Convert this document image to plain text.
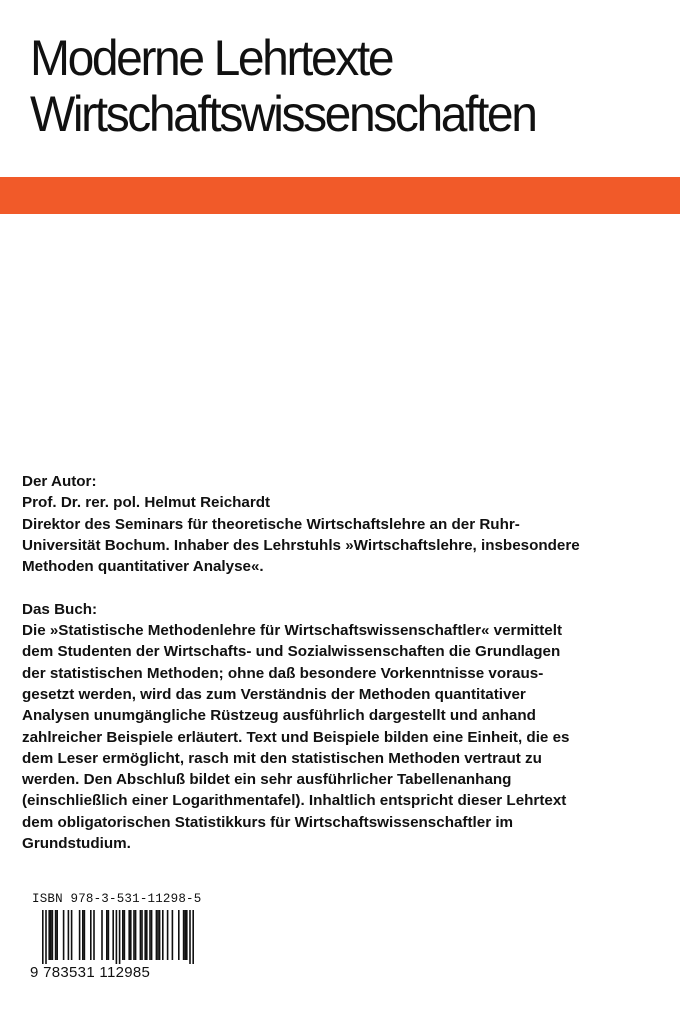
Moderne Lehrtexte
Wirtschaftswissenschaften
Der Autor:
Prof. Dr. rer. pol. Helmut Reichardt
Direktor des Seminars für theoretische Wirtschaftslehre an der Ruhr-
Universität Bochum. Inhaber des Lehrstuhls »Wirtschaftslehre, insbesondere
Methoden quantitativer Analyse«.
Das Buch:
Die »Statistische Methodenlehre für Wirtschaftswissenschaftler« vermittelt
dem Studenten der Wirtschafts- und Sozialwissenschaften die Grundlagen
der statistischen Methoden; ohne daß besondere Vorkenntnisse voraus-
gesetzt werden, wird das zum Verständnis der Methoden quantitativer
Analysen unumgängliche Rüstzeug ausführlich dargestellt und anhand
zahlreicher Beispiele erläutert. Text und Beispiele bilden eine Einheit, die es
dem Leser ermöglicht, rasch mit den statistischen Methoden vertraut zu
werden. Den Abschluß bildet ein sehr ausführlicher Tabellenanhang
(einschließlich einer Logarithmentafel). Inhaltlich entspricht dieser Lehrtext
dem obligatorischen Statistikkurs für Wirtschaftswissenschaftler im
Grundstudium.
ISBN 978-3-531-11298-5
9 783531 112985
